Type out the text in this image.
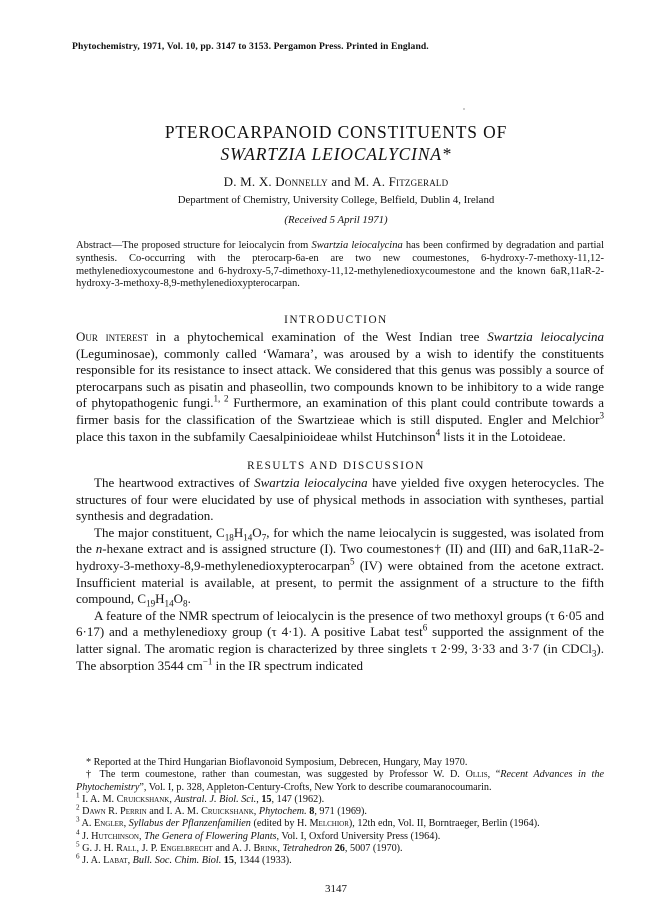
Phytochemistry, 1971, Vol. 10, pp. 3147 to 3153. Pergamon Press. Printed in England.
PTEROCARPANOID CONSTITUENTS OF
SWARTZIA LEIOCALYCINA*
D. M. X. Donnelly and M. A. Fitzgerald
Department of Chemistry, University College, Belfield, Dublin 4, Ireland
(Received 5 April 1971)
Abstract—The proposed structure for leiocalycin from Swartzia leiocalycina has been confirmed by degradation and partial synthesis. Co-occurring with the pterocarp-6a-en are two new coumestones, 6-hydroxy-7-methoxy-11,12-methylenedioxycoumestone and 6-hydroxy-5,7-dimethoxy-11,12-methylenedioxycoumestone and the known 6aR,11aR-2-hydroxy-3-methoxy-8,9-methylenedioxypterocarpan.
INTRODUCTION

Our interest in a phytochemical examination of the West Indian tree Swartzia leiocalycina (Leguminosae), commonly called ‘Wamara’, was aroused by a wish to identify the constituents responsible for its resistance to insect attack. We considered that this genus was possibly a source of pterocarpans such as pisatin and phaseollin, two compounds known to be inhibitory to a wide range of phytopathogenic fungi.$^{1, 2}$ Furthermore, an examination of this plant could contribute towards a firmer basis for the classification of the Swartzieae which is still disputed. Engler and Melchior$^3$ place this taxon in the subfamily Caesalpinioideae whilst Hutchinson$^4$ lists it in the Lotoideae.

RESULTS AND DISCUSSION

The heartwood extractives of Swartzia leiocalycina have yielded five oxygen heterocycles. The structures of four were elucidated by use of physical methods in association with syntheses, partial synthesis and degradation.

The major constituent, $C_{18}H_{14}O_7$, for which the name leiocalycin is suggested, was isolated from the n-hexane extract and is assigned structure (I). Two coumestones† (II) and (III) and 6aR,11aR-2-hydroxy-3-methoxy-8,9-methylenedioxypterocarpan$^5$ (IV) were obtained from the acetone extract. Insufficient material is available, at present, to permit the assignment of a structure to the fifth compound, $C_{19}H_{14}O_8$.

A feature of the NMR spectrum of leiocalycin is the presence of two methoxyl groups (τ 6·05 and 6·17) and a methylenedioxy group (τ 4·1). A positive Labat test$^6$ supported the assignment of the latter signal. The aromatic region is characterized by three singlets τ 2·99, 3·33 and 3·7 (in CDCl$_3$). The absorption 3544 $cm^{-1}$ in the IR spectrum indicated

* Reported at the Third Hungarian Bioflavonoid Symposium, Debrecen, Hungary, May 1970.

† The term coumestone, rather than coumestan, was suggested by Professor W. D. Ollis, “Recent Advances in the Phytochemistry”, Vol. I, p. 328, Appleton-Century-Crofts, New York to describe coumaranocoumarin.

$^1$ I. A. M. Cruickshank, Austral. J. Biol. Sci., 15, 147 (1962).

$^2$ Dawn R. Perrin and I. A. M. Cruickshank, Phytochem. 8, 971 (1969).

$^3$ A. Engler, Syllabus der Pflanzenfamilien (edited by H. Melchior), 12th edn, Vol. II, Borntraeger, Berlin (1964).

$^4$ J. Hutchinson, The Genera of Flowering Plants, Vol. I, Oxford University Press (1964).

$^5$ G. J. H. Rall, J. P. Engelbrecht and A. J. Brink, Tetrahedron 26, 5007 (1970).

$^6$ J. A. Labat, Bull. Soc. Chim. Biol. 15, 1344 (1933).

3147
